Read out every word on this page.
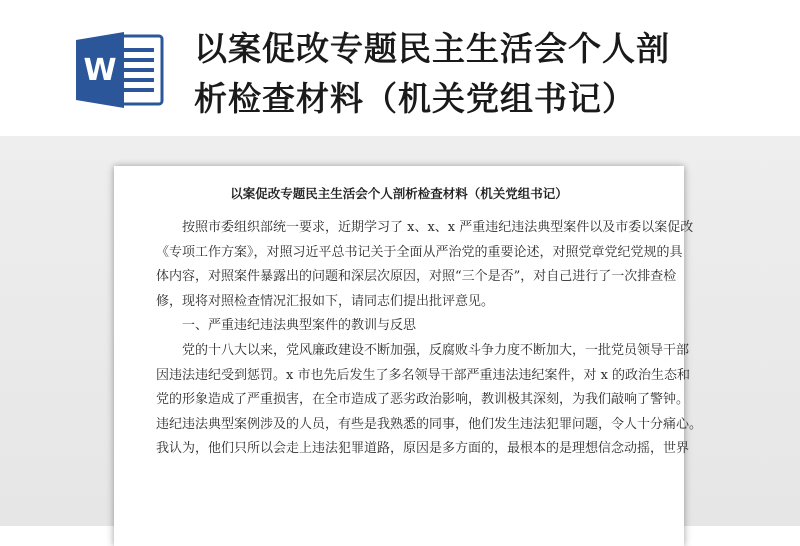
W
以案促改专题民主生活会个人剖
析检查材料（机关党组书记）
以案促改专题民主生活会个人剖析检查材料（机关党组书记）
按照市委组织部统一要求，近期学习了 x、x、x 严重违纪违法典型案件以及市委以案促改
《专项工作方案》，对照习近平总书记关于全面从严治党的重要论述，对照党章党纪党规的具
体内容，对照案件暴露出的问题和深层次原因，对照“三个是否”，对自己进行了一次排查检
修，现将对照检查情况汇报如下，请同志们提出批评意见。
一、严重违纪违法典型案件的教训与反思
党的十八大以来，党风廉政建设不断加强，反腐败斗争力度不断加大，一批党员领导干部
因违法违纪受到惩罚。x 市也先后发生了多名领导干部严重违法违纪案件，对 x 的政治生态和
党的形象造成了严重损害，在全市造成了恶劣政治影响，教训极其深刻，为我们敲响了警钟。
违纪违法典型案例涉及的人员，有些是我熟悉的同事，他们发生违法犯罪问题，令人十分痛心。
我认为，他们只所以会走上违法犯罪道路，原因是多方面的，最根本的是理想信念动摇，世界
